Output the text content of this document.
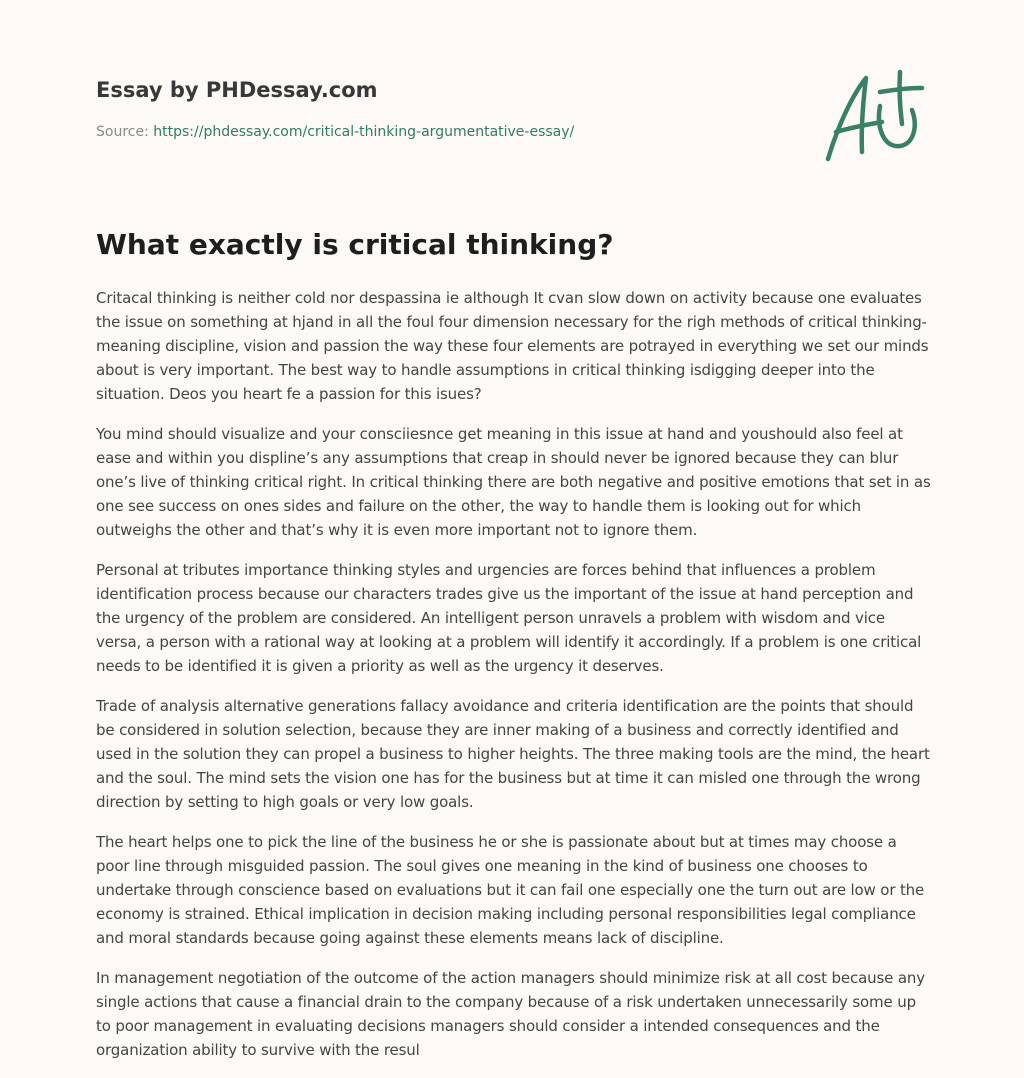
Essay by PHDessay.com
Source: https://phdessay.com/critical-thinking-argumentative-essay/
What exactly is critical thinking?

Critacal thinking is neither cold nor despassina ie although It cvan slow down on activity because one evaluates the issue on something at hjand in all the foul four dimension necessary for the righ methods of critical thinking- meaning discipline, vision and passion the way these four elements are potrayed in everything we set our minds about is very important. The best way to handle assumptions in critical thinking isdigging deeper into the situation. Deos you heart fe a passion for this isues?

You mind should visualize and your consciiesnce get meaning in this issue at hand and youshould also feel at ease and within you displine’s any assumptions that creap in should never be ignored because they can blur one’s live of thinking critical right. In critical thinking there are both negative and positive emotions that set in as one see success on ones sides and failure on the other, the way to handle them is looking out for which outweighs the other and that’s why it is even more important not to ignore them.

Personal at tributes importance thinking styles and urgencies are forces behind that influences a problem identification process because our characters trades give us the important of the issue at hand perception and the urgency of the problem are considered. An intelligent person unravels a problem with wisdom and vice versa, a person with a rational way at looking at a problem will identify it accordingly. If a problem is one critical needs to be identified it is given a priority as well as the urgency it deserves.

Trade of analysis alternative generations fallacy avoidance and criteria identification are the points that should be considered in solution selection, because they are inner making of a business and correctly identified and used in the solution they can propel a business to higher heights. The three making tools are the mind, the heart and the soul. The mind sets the vision one has for the business but at time it can misled one through the wrong direction by setting to high goals or very low goals.

The heart helps one to pick the line of the business he or she is passionate about but at times may choose a poor line through misguided passion. The soul gives one meaning in the kind of business one chooses to undertake through conscience based on evaluations but it can fail one especially one the turn out are low or the economy is strained. Ethical implication in decision making including personal responsibilities legal compliance and moral standards because going against these elements means lack of discipline.

In management negotiation of the outcome of the action managers should minimize risk at all cost because any single actions that cause a financial drain to the company because of a risk undertaken unnecessarily some up to poor management in evaluating decisions managers should consider a intended consequences and the organization ability to survive with the resul
